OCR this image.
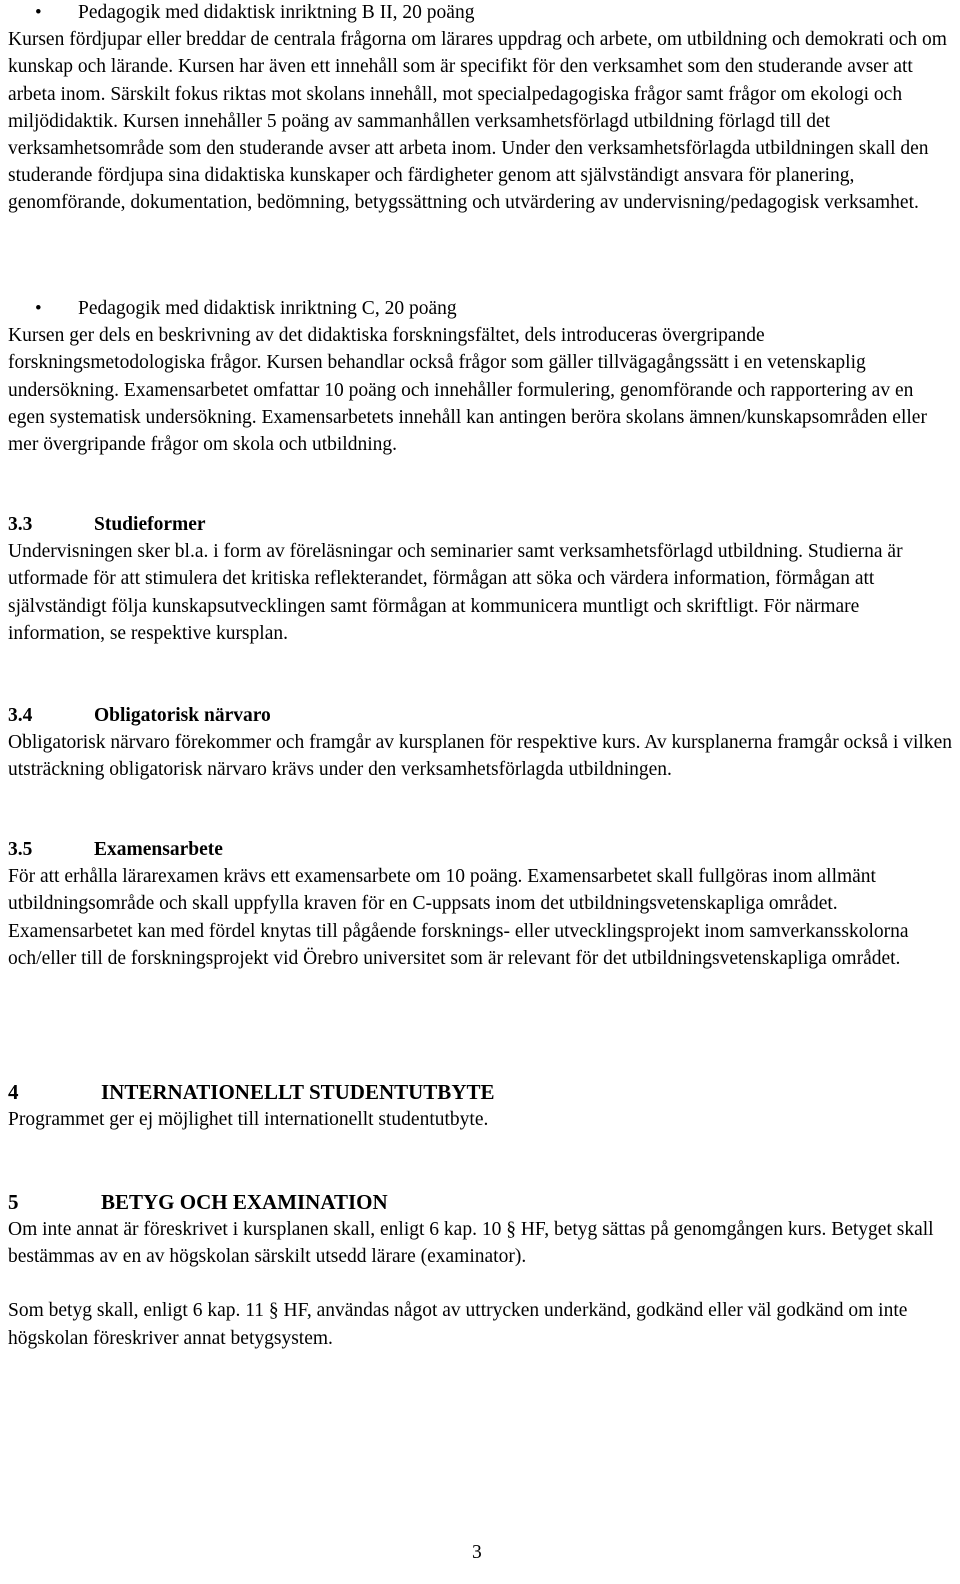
• Pedagogik med didaktisk inriktning B II, 20 poäng

Kursen fördjupar eller breddar de centrala frågorna om lärares uppdrag och arbete, om utbildning och demokrati och om kunskap och lärande. Kursen har även ett innehåll som är specifikt för den verksamhet som den studerande avser att arbeta inom. Särskilt fokus riktas mot skolans innehåll, mot specialpedagogiska frågor samt frågor om ekologi och miljödidaktik. Kursen innehåller 5 poäng av sammanhållen verksamhetsförlagd utbildning förlagd till det verksamhetsområde som den studerande avser att arbeta inom. Under den verksamhetsförlagda utbildningen skall den studerande fördjupa sina didaktiska kunskaper och färdigheter genom att självständigt ansvara för planering, genomförande, dokumentation, bedömning, betygssättning och utvärdering av undervisning/pedagogisk verksamhet.

• Pedagogik med didaktisk inriktning C, 20 poäng

Kursen ger dels en beskrivning av det didaktiska forskningsfältet, dels introduceras övergripande forskningsmetodologiska frågor. Kursen behandlar också frågor som gäller tillvägagångssätt i en vetenskaplig undersökning. Examensarbetet omfattar 10 poäng och innehåller formulering, genomförande och rapportering av en egen systematisk undersökning. Examensarbetets innehåll kan antingen beröra skolans ämnen/kunskapsområden eller mer övergripande frågor om skola och utbildning.

3.3	Studieformer

Undervisningen sker bl.a. i form av föreläsningar och seminarier samt verksamhetsförlagd utbildning. Studierna är utformade för att stimulera det kritiska reflekterandet, förmågan att söka och värdera information, förmågan att självständigt följa kunskapsutvecklingen samt förmågan at kommunicera muntligt och skriftligt. För närmare information, se respektive kursplan.

3.4	Obligatorisk närvaro

Obligatorisk närvaro förekommer och framgår av kursplanen för respektive kurs. Av kursplanerna framgår också i vilken utsträckning obligatorisk närvaro krävs under den verksamhetsförlagda utbildningen.

3.5	Examensarbete

För att erhålla lärarexamen krävs ett examensarbete om 10 poäng. Examensarbetet skall fullgöras inom allmänt utbildningsområde och skall uppfylla kraven för en C-uppsats inom det utbildningsvetenskapliga området. Examensarbetet kan med fördel knytas till pågående forsknings- eller utvecklingsprojekt inom samverkansskolorna och/eller till de forskningsprojekt vid Örebro universitet som är relevant för det utbildningsvetenskapliga området.

4	INTERNATIONELLT STUDENTUTBYTE

Programmet ger ej möjlighet till internationellt studentutbyte.

5	BETYG OCH EXAMINATION

Om inte annat är föreskrivet i kursplanen skall, enligt 6 kap. 10 § HF, betyg sättas på genomgången kurs. Betyget skall bestämmas av en av högskolan särskilt utsedd lärare (examinator).

Som betyg skall, enligt 6 kap. 11 § HF, användas något av uttrycken underkänd, godkänd eller väl godkänd om inte högskolan föreskriver annat betygsystem.

3
